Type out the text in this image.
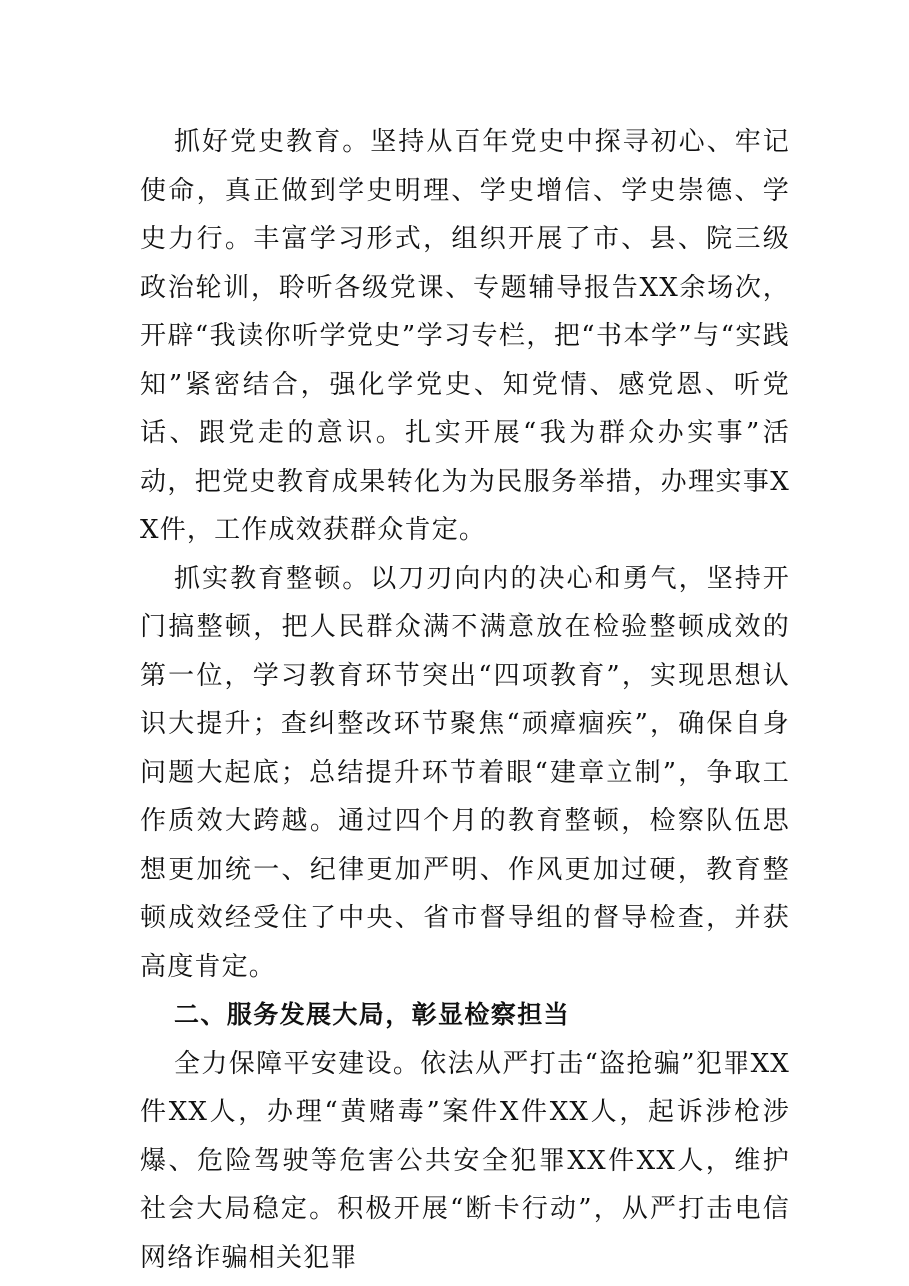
抓好党史教育。坚持从百年党史中探寻初心、牢记使命，真正做到学史明理、学史增信、学史崇德、学史力行。丰富学习形式，组织开展了市、县、院三级政治轮训，聆听各级党课、专题辅导报告XX余场次，开辟“我读你听学党史”学习专栏，把“书本学”与“实践知”紧密结合，强化学党史、知党情、感党恩、听党话、跟党走的意识。扎实开展“我为群众办实事”活动，把党史教育成果转化为为民服务举措，办理实事XX件，工作成效获群众肯定。

抓实教育整顿。以刀刃向内的决心和勇气，坚持开门搞整顿，把人民群众满不满意放在检验整顿成效的第一位，学习教育环节突出“四项教育”，实现思想认识大提升；查纠整改环节聚焦“顽瘴痼疾”，确保自身问题大起底；总结提升环节着眼“建章立制”，争取工作质效大跨越。通过四个月的教育整顿，检察队伍思想更加统一、纪律更加严明、作风更加过硬，教育整顿成效经受住了中央、省市督导组的督导检查，并获高度肯定。

二、服务发展大局，彰显检察担当

全力保障平安建设。依法从严打击“盗抢骗”犯罪XX件XX人，办理“黄赌毒”案件X件XX人，起诉涉枪涉爆、危险驾驶等危害公共安全犯罪XX件XX人，维护社会大局稳定。积极开展“断卡行动”，从严打击电信网络诈骗相关犯罪
